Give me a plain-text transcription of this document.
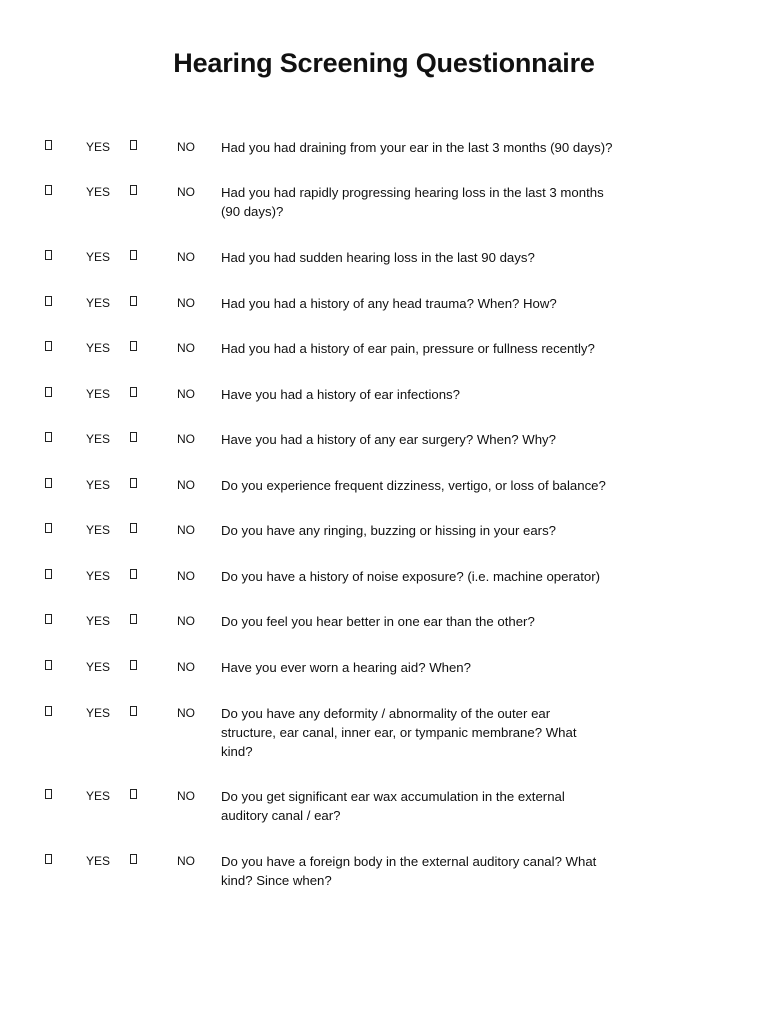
Hearing Screening Questionnaire
YES	NO Had you had draining from your ear in the last 3 months (90 days)?
YES	NO Had you had rapidly progressing hearing loss in the last 3 months
(90 days)?
YES	NO Had you had sudden hearing loss in the last 90 days?
YES	NO Had you had a history of any head trauma? When? How?
YES	NO Had you had a history of ear pain, pressure or fullness recently?
YES	NO Have you had a history of ear infections?
YES	NO Have you had a history of any ear surgery? When? Why?
YES	NO Do you experience frequent dizziness, vertigo, or loss of balance?
YES	NO Do you have any ringing, buzzing or hissing in your ears?
YES	NO Do you have a history of noise exposure? (i.e. machine operator)
YES	NO Do you feel you hear better in one ear than the other?
YES	NO Have you ever worn a hearing aid? When?
YES	NO Do you have any deformity / abnormality of the outer ear
structure, ear canal, inner ear, or tympanic membrane? What
kind?
YES	NO Do you get significant ear wax accumulation in the external
auditory canal / ear?
YES	NO Do you have a foreign body in the external auditory canal? What
kind? Since when?
